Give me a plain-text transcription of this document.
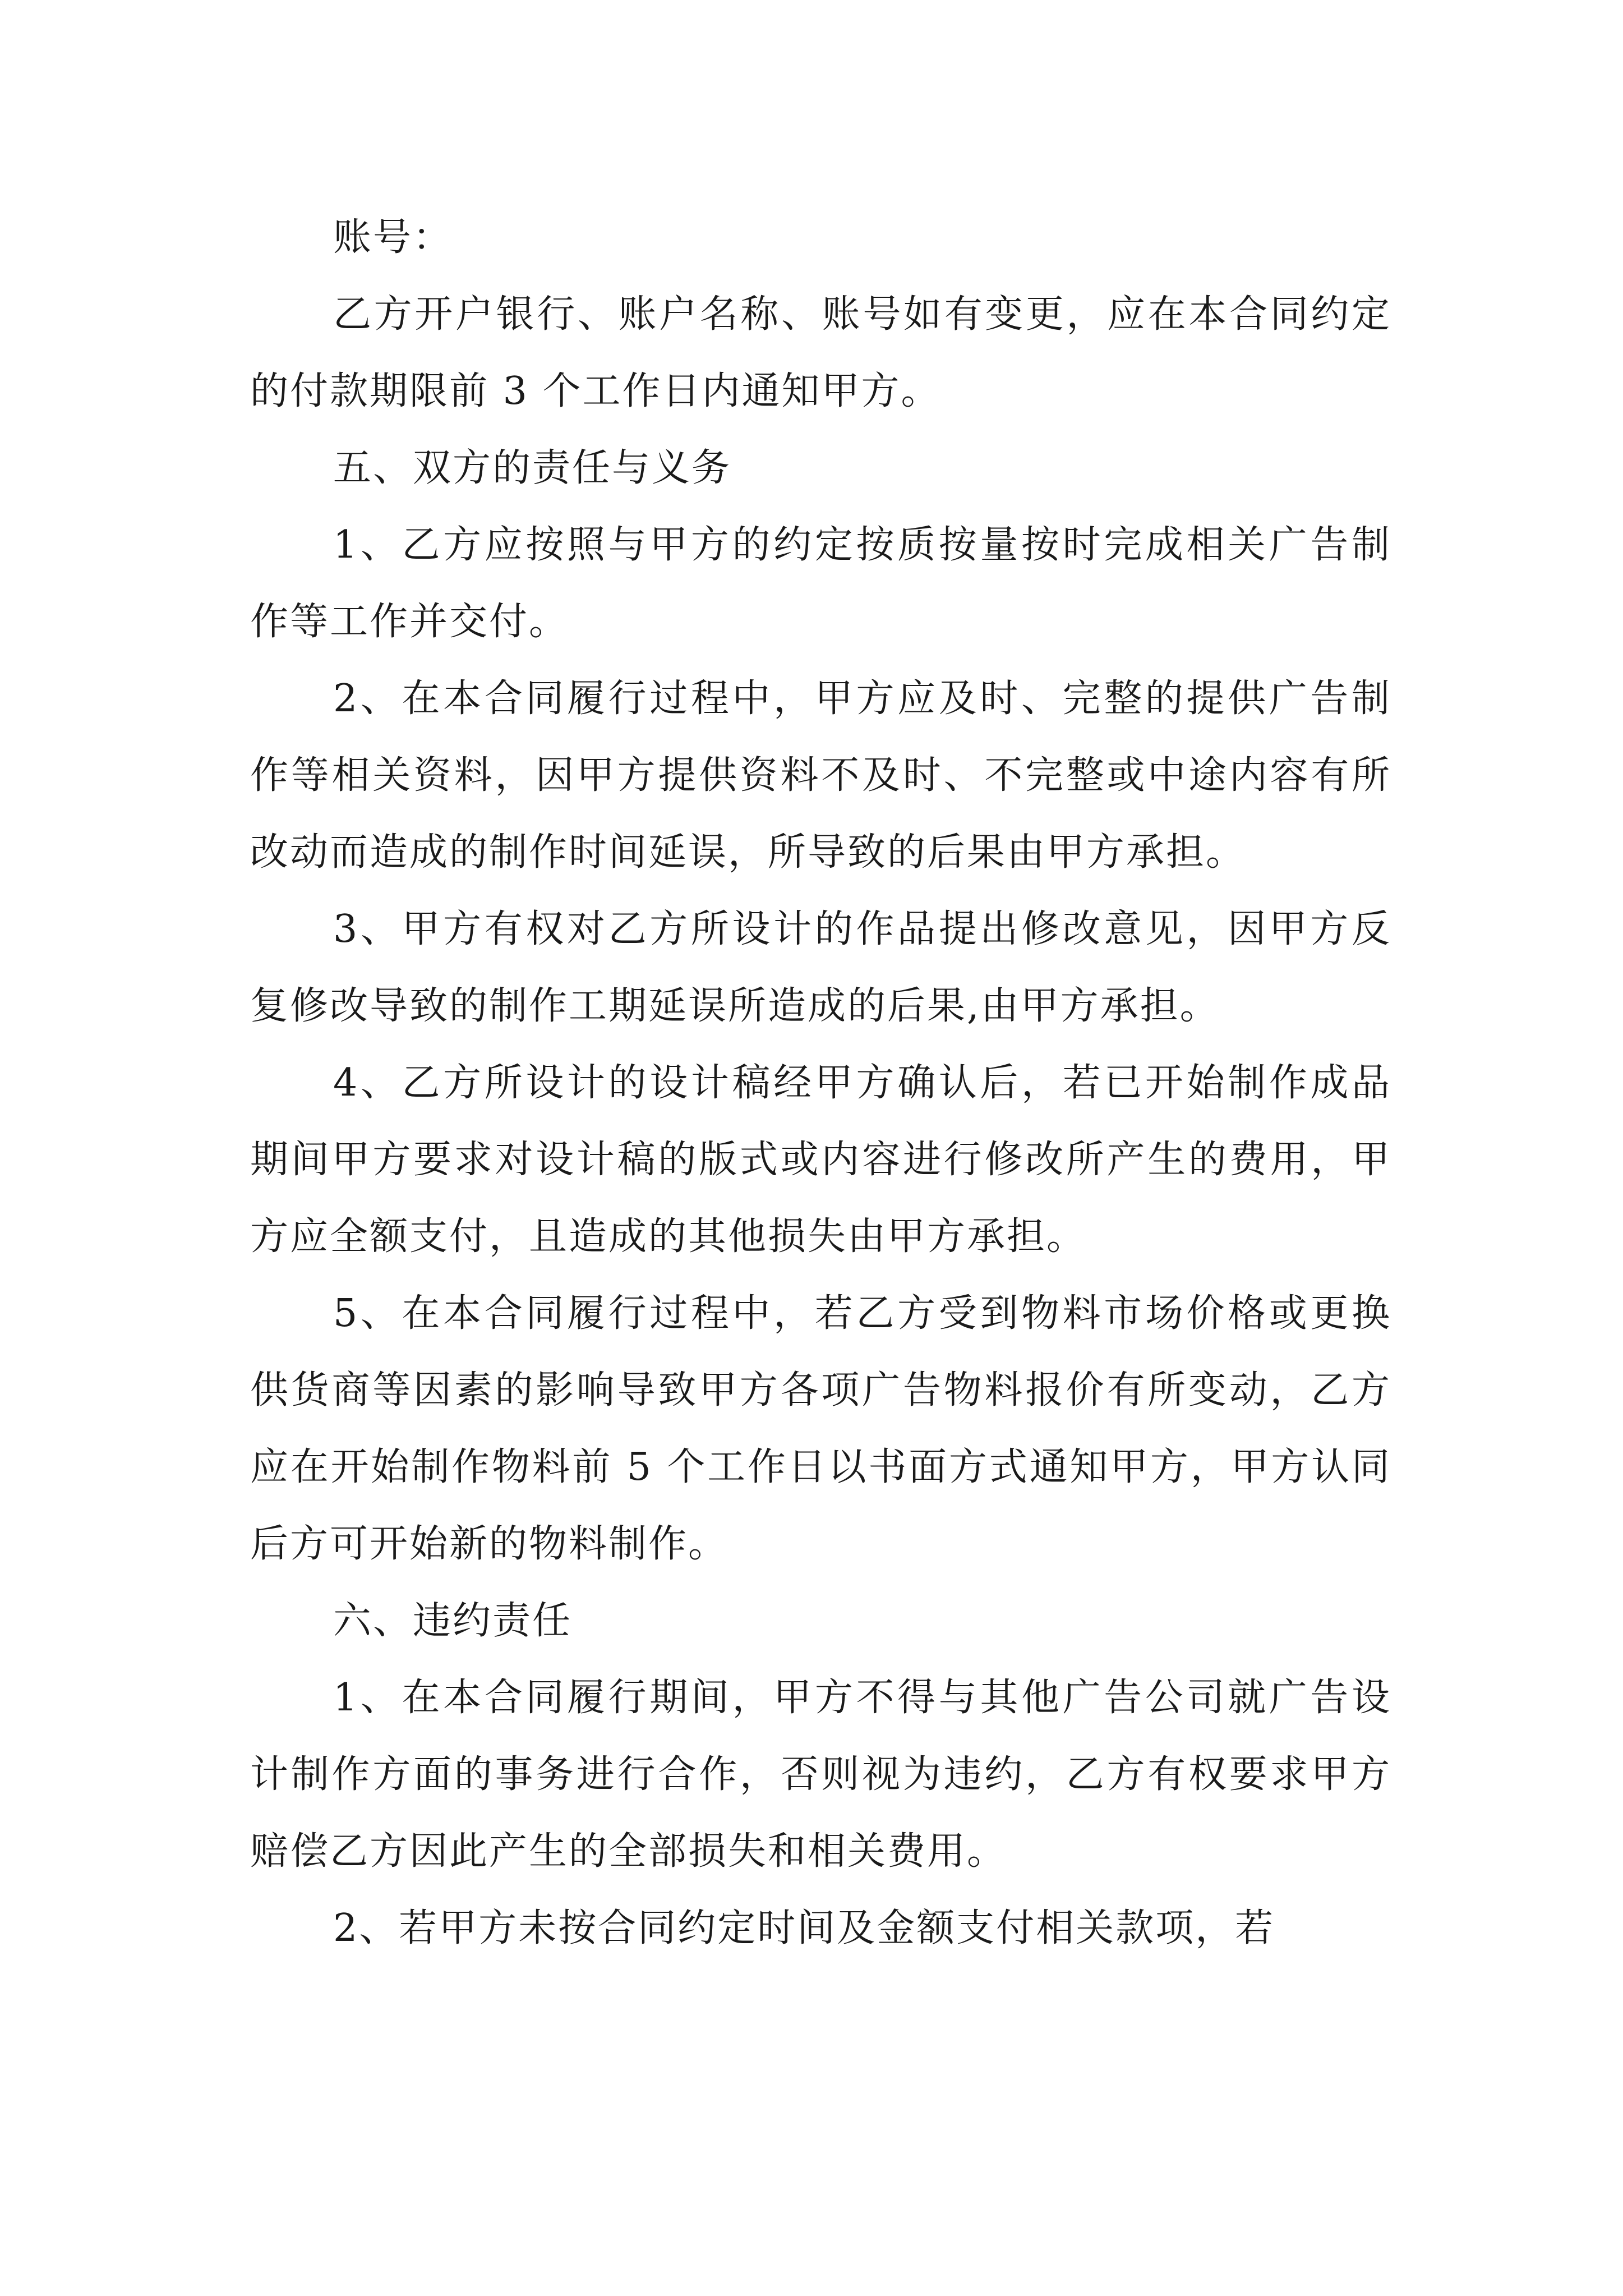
账号：

乙方开户银行、账户名称、账号如有变更，应在本合同约定的付款期限前 3 个工作日内通知甲方。

五、双方的责任与义务

1、乙方应按照与甲方的约定按质按量按时完成相关广告制作等工作并交付。

2、在本合同履行过程中，甲方应及时、完整的提供广告制作等相关资料，因甲方提供资料不及时、不完整或中途内容有所改动而造成的制作时间延误，所导致的后果由甲方承担。

3、甲方有权对乙方所设计的作品提出修改意见，因甲方反复修改导致的制作工期延误所造成的后果,由甲方承担。

4、乙方所设计的设计稿经甲方确认后，若已开始制作成品期间甲方要求对设计稿的版式或内容进行修改所产生的费用，甲方应全额支付，且造成的其他损失由甲方承担。

5、在本合同履行过程中，若乙方受到物料市场价格或更换供货商等因素的影响导致甲方各项广告物料报价有所变动，乙方应在开始制作物料前 5 个工作日以书面方式通知甲方，甲方认同后方可开始新的物料制作。

六、违约责任

1、在本合同履行期间，甲方不得与其他广告公司就广告设计制作方面的事务进行合作，否则视为违约，乙方有权要求甲方赔偿乙方因此产生的全部损失和相关费用。

2、若甲方未按合同约定时间及金额支付相关款项，若
